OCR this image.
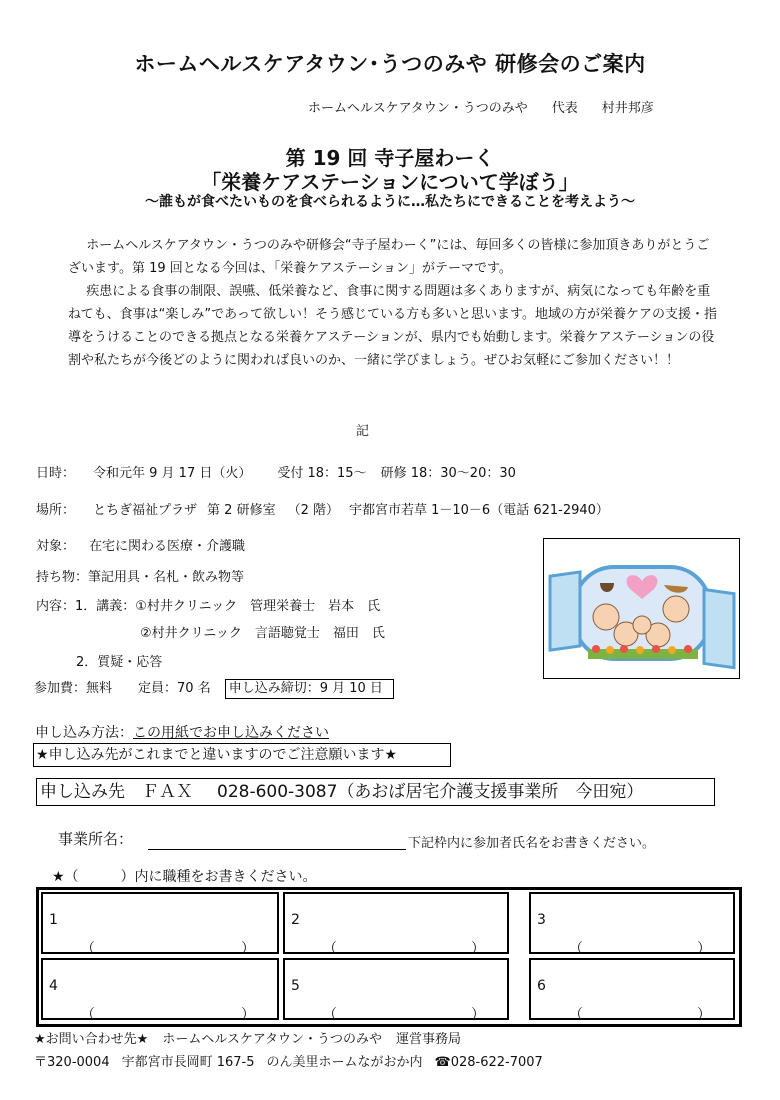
ホームヘルスケアタウン･うつのみや 研修会のご案内
ホームヘルスケアタウン・うつのみや 代表 村井邦彦
第 19 回 寺子屋わーく
「栄養ケアステーションについて学ぼう」
～誰もが食べたいものを食べられるように…私たちにできることを考えよう～

ホームヘルスケアタウン・うつのみや研修会“寺子屋わーく”には、毎回多くの皆様に参加頂きありがとうございます。第 19 回となる今回は、「栄養ケアステーション」がテーマです。

疾患による食事の制限、誤嚥、低栄養など、食事に関する問題は多くありますが、病気になっても年齢を重ねても、食事は“楽しみ”であって欲しい！そう感じている方も多いと思います。地域の方が栄養ケアの支援・指導をうけることのできる拠点となる栄養ケアステーションが、県内でも始動します。栄養ケアステーションの役割や私たちが今後どのように関われば良いのか、一緒に学びましょう。ぜひお気軽にご参加ください！！

記
日時： 令和元年 9 月 17 日（火） 受付 18：15～ 研修 18：30～20：30
場所： とちぎ福祉プラザ 第 2 研修室 （2 階） 宇都宮市若草 1－10－6（電話 621-2940）
対象： 在宅に関わる医療・介護職
持ち物：筆記用具・名札・飲み物等
内容：1．講義：①村井クリニック　管理栄養士　岩本　氏
②村井クリニック　言語聴覚士　福田　氏
2．質疑・応答
参加費：無料 定員：70 名 申し込み締切：9 月 10 日
申し込み方法：この用紙でお申し込みください
★申し込み先がこれまでと違いますのでご注意願います★
申し込み先　ＦＡＸ 028-600-3087（あおば居宅介護支援事業所　今田宛）
事業所名：	下記枠内に参加者氏名をお書きください。
★（　　　）内に職種をお書きください。
1
（	）
2
（	）
3
（	）
4
（	）
5
（	）
6
（	）
★お問い合わせ先★ ホームヘルスケアタウン・うつのみや 運営事務局
〒320-0004 宇都宮市長岡町 167-5 のん美里ホームながおか内 ☎028-622-7007
